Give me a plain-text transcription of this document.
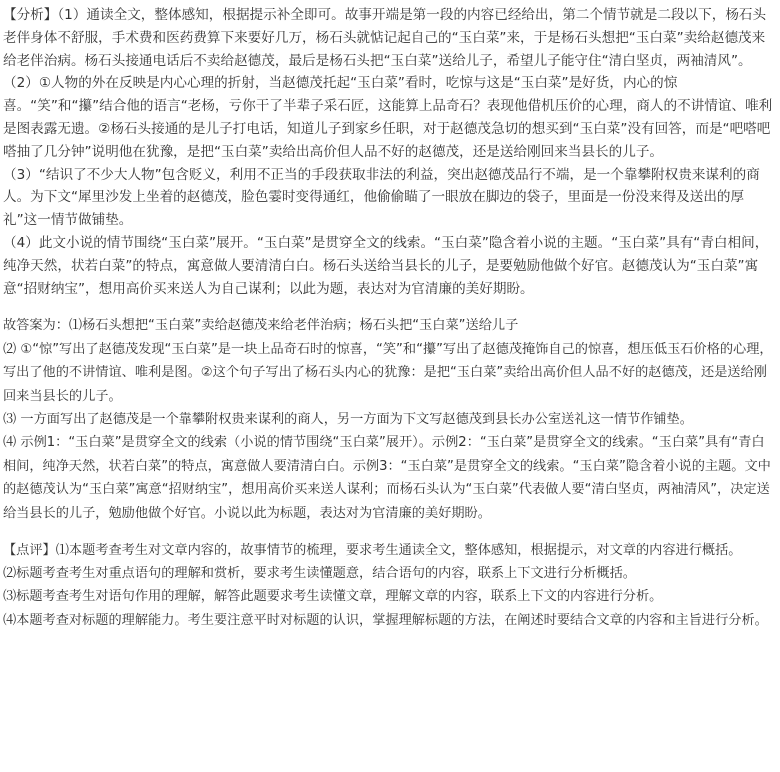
【分析】（1）通读全文，整体感知，根据提示补全即可。故事开端是第一段的内容已经给出，第二个情节就是二段以下，杨石头老伴身体不舒服，手术费和医药费算下来要好几万，杨石头就惦记起自己的“玉白菜”来，于是杨石头想把“玉白菜”卖给赵德茂来给老伴治病。杨石头接通电话后不卖给赵德茂，最后是杨石头把“玉白菜”送给儿子，希望儿子能守住“清白坚贞，两袖清风”。

（2）①人物的外在反映是内心心理的折射，当赵德茂托起“玉白菜”看时，吃惊与这是“玉白菜”是好货，内心的惊喜。“笑”和“攥”结合他的语言“老杨，亏你干了半辈子采石匠，这能算上品奇石？表现他借机压价的心理，商人的不讲情谊、唯利是图表露无遗。②杨石头接通的是儿子打电话，知道儿子到家乡任职，对于赵德茂急切的想买到“玉白菜”没有回答，而是“吧嗒吧嗒抽了几分钟”说明他在犹豫，是把“玉白菜”卖给出高价但人品不好的赵德茂，还是送给刚回来当县长的儿子。

（3）“结识了不少大人物”包含贬义，利用不正当的手段获取非法的利益，突出赵德茂品行不端，是一个靠攀附权贵来谋利的商人。为下文“犀里沙发上坐着的赵德茂，脸色霎时变得通红，他偷偷瞄了一眼放在脚边的袋子，里面是一份没来得及送出的厚礼”这一情节做铺垫。

（4）此文小说的情节围绕“玉白菜”展开。“玉白菜”是贯穿全文的线索。“玉白菜”隐含着小说的主题。“玉白菜”具有“青白相间，纯净天然，状若白菜”的特点，寓意做人要清清白白。杨石头送给当县长的儿子，是要勉励他做个好官。赵德茂认为“玉白菜”寓意“招财纳宝”，想用高价买来送人为自己谋利；以此为题，表达对为官清廉的美好期盼。

故答案为：⑴杨石头想把“玉白菜”卖给赵德茂来给老伴治病；杨石头把“玉白菜”送给儿子

⑵ ①“惊”写出了赵德茂发现“玉白菜”是一块上品奇石时的惊喜，“笑”和“攥”写出了赵德茂掩饰自己的惊喜，想压低玉石价格的心理，写出了他的不讲情谊、唯利是图。②这个句子写出了杨石头内心的犹豫：是把“玉白菜”卖给出高价但人品不好的赵德茂，还是送给刚回来当县长的儿子。

⑶ 一方面写出了赵德茂是一个靠攀附权贵来谋利的商人，另一方面为下文写赵德茂到县长办公室送礼这一情节作铺垫。

⑷ 示例1：“玉白菜”是贯穿全文的线索（小说的情节围绕“玉白菜”展开）。示例2：“玉白菜”是贯穿全文的线索。“玉白菜”具有“青白相间，纯净天然，状若白菜”的特点，寓意做人要清清白白。示例3：“玉白菜”是贯穿全文的线索。“玉白菜”隐含着小说的主题。文中的赵德茂认为“玉白菜”寓意“招财纳宝”，想用高价买来送人谋利；而杨石头认为“玉白菜”代表做人要“清白坚贞，两袖清风”，决定送给当县长的儿子，勉励他做个好官。小说以此为标题，表达对为官清廉的美好期盼。

【点评】⑴本题考查考生对文章内容的，故事情节的梳理，要求考生通读全文，整体感知，根据提示，对文章的内容进行概括。

⑵标题考查考生对重点语句的理解和赏析，要求考生读懂题意，结合语句的内容，联系上下文进行分析概括。

⑶标题考查考生对语句作用的理解，解答此题要求考生读懂文章，理解文章的内容，联系上下文的内容进行分析。

⑷本题考查对标题的理解能力。考生要注意平时对标题的认识，掌握理解标题的方法，在阐述时要结合文章的内容和主旨进行分析。
